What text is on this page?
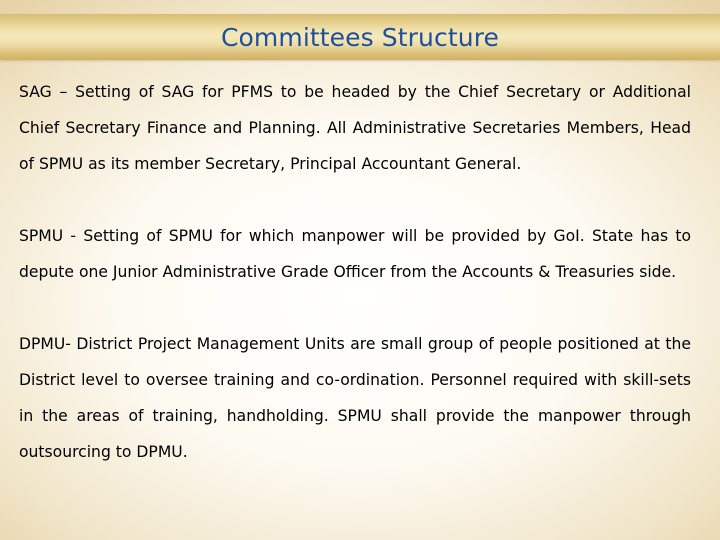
Committees Structure

SAG – Setting of SAG for PFMS to be headed by the Chief Secretary or Additional Chief Secretary Finance and Planning. All Administrative Secretaries Members, Head of SPMU as its member Secretary, Principal Accountant General.

SPMU - Setting of SPMU for which manpower will be provided by GoI. State has to depute one Junior Administrative Grade Officer from the Accounts & Treasuries side.

DPMU- District Project Management Units are small group of people positioned at the District level to oversee training and co-ordination. Personnel required with skill-sets in the areas of training, handholding. SPMU shall provide the manpower through outsourcing to DPMU.
